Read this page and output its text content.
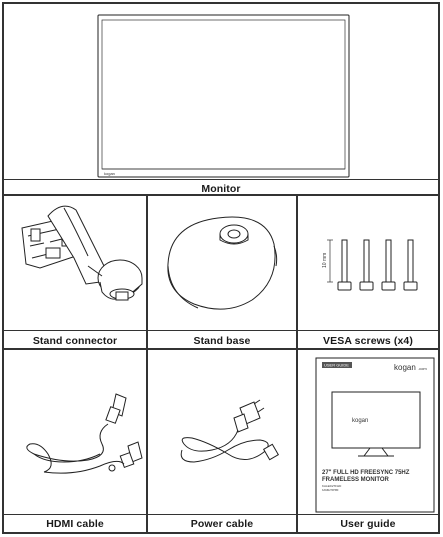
kogan
Monitor
Stand connector	Stand base
10 mm
VESA screws (x4)
HDMI cable	Power cable
USER GUIDE	kogan .com
kogan
27" FULL HD FREESYNC 75HZ
FRAMELESS MONITOR
KALED27FHD
KAMN27FHBF
User guide
